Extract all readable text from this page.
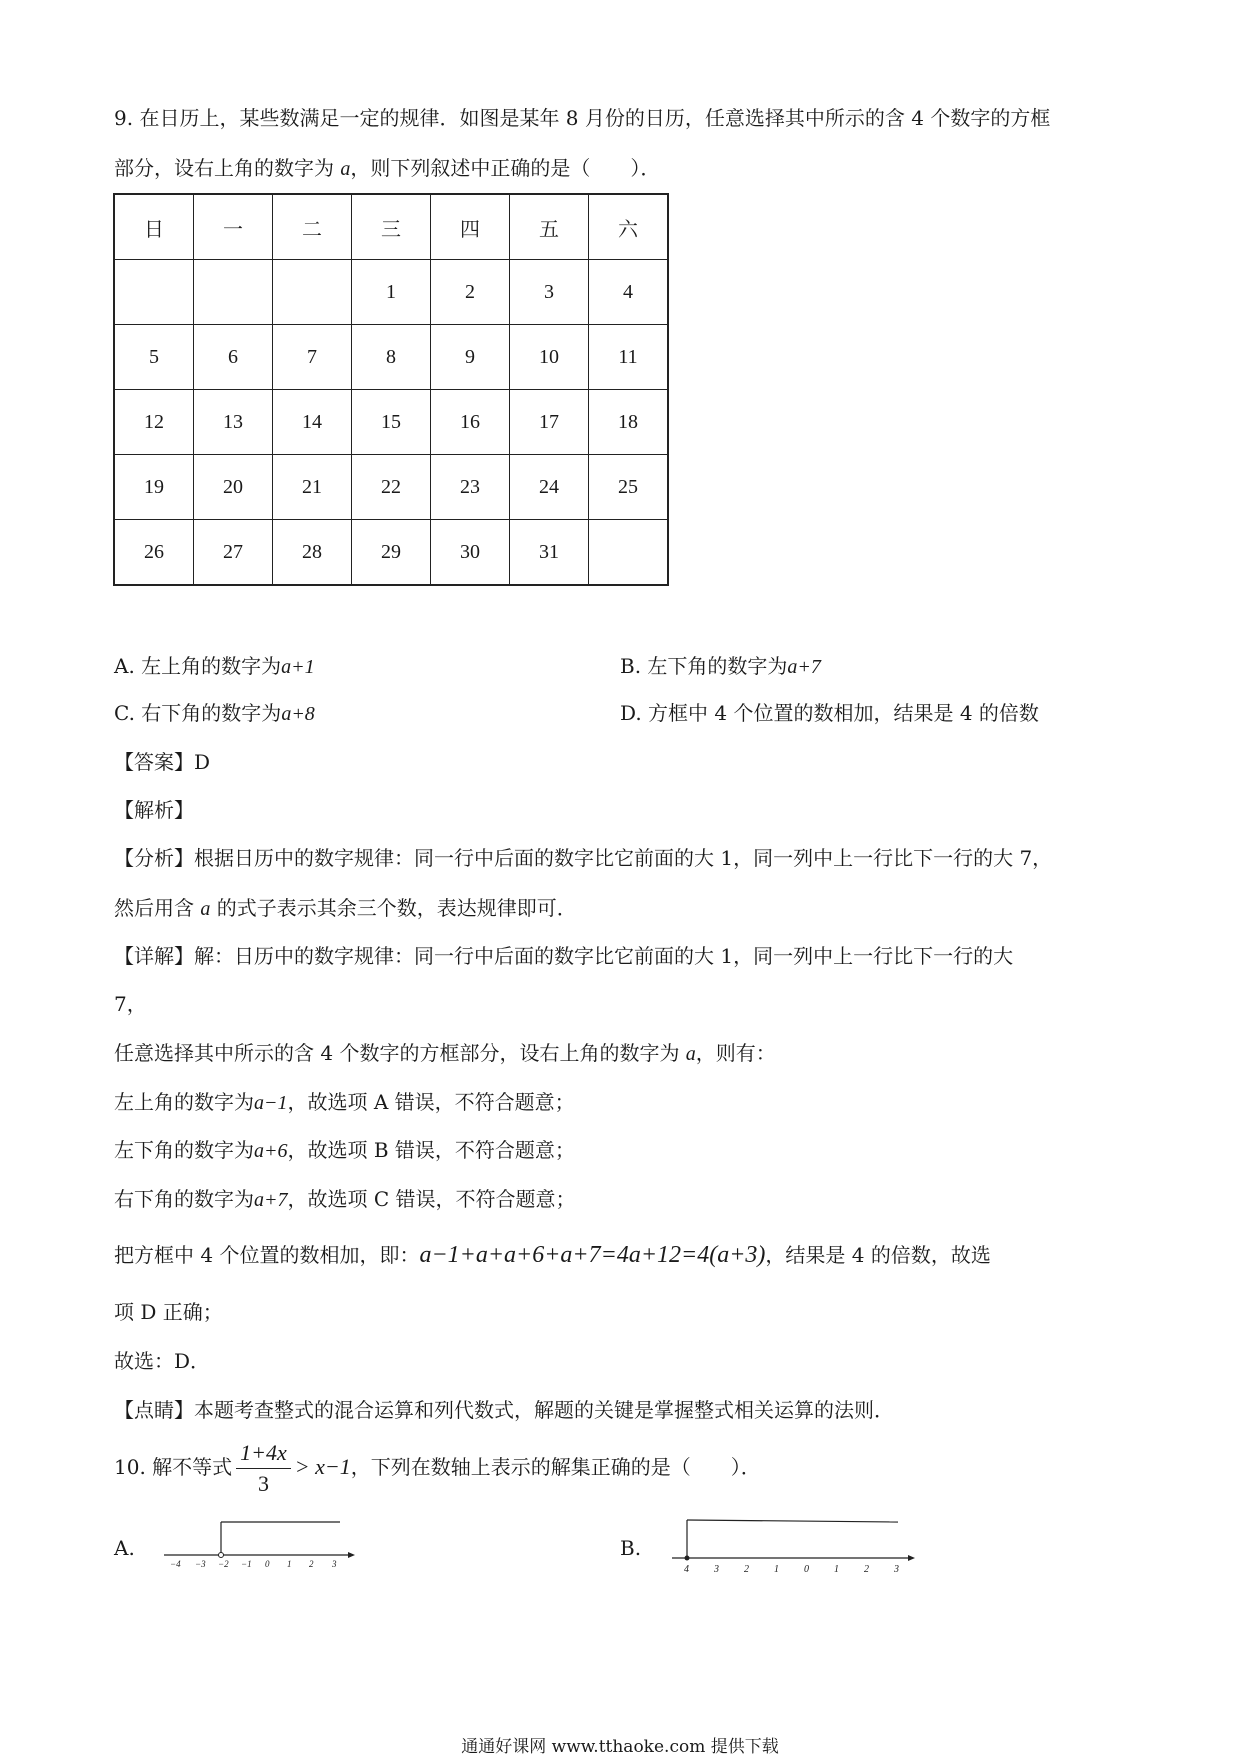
9. 在日历上，某些数满足一定的规律．如图是某年 8 月份的日历，任意选择其中所示的含 4 个数字的方框
部分，设右上角的数字为 a，则下列叙述中正确的是（　　）．
日	一	二	三	四	五	六
			1	2	3	4
5	6	7	8	9	10	11
12	13	14	15	16	17	18
19	20	21	22	23	24	25
26	27	28	29	30	31	
A. 左上角的数字为a+1	B. 左下角的数字为a+7
C. 右下角的数字为a+8	D. 方框中 4 个位置的数相加，结果是 4 的倍数
【答案】D
【解析】
【分析】根据日历中的数字规律：同一行中后面的数字比它前面的大 1，同一列中上一行比下一行的大 7，
然后用含 a 的式子表示其余三个数，表达规律即可．
【详解】解：日历中的数字规律：同一行中后面的数字比它前面的大 1，同一列中上一行比下一行的大
7，
任意选择其中所示的含 4 个数字的方框部分，设右上角的数字为 a，则有：
左上角的数字为a−1，故选项 A 错误，不符合题意；
左下角的数字为a+6，故选项 B 错误，不符合题意；
右下角的数字为a+7，故选项 C 错误，不符合题意；
把方框中 4 个位置的数相加，即：a−1+a+a+6+a+7=4a+12=4(a+3)，结果是 4 的倍数，故选
项 D 正确；
故选：D．
【点睛】本题考查整式的混合运算和列代数式，解题的关键是掌握整式相关运算的法则．
10. 解不等式 $\frac{1+4x}{3} > x-1$，下列在数轴上表示的解集正确的是（　　）．
A.
−4 −3 −2 −1 0 1 2 3
B.
4	3	2	1	0	1	2	3
通通好课网 www.tthaoke.com 提供下载
